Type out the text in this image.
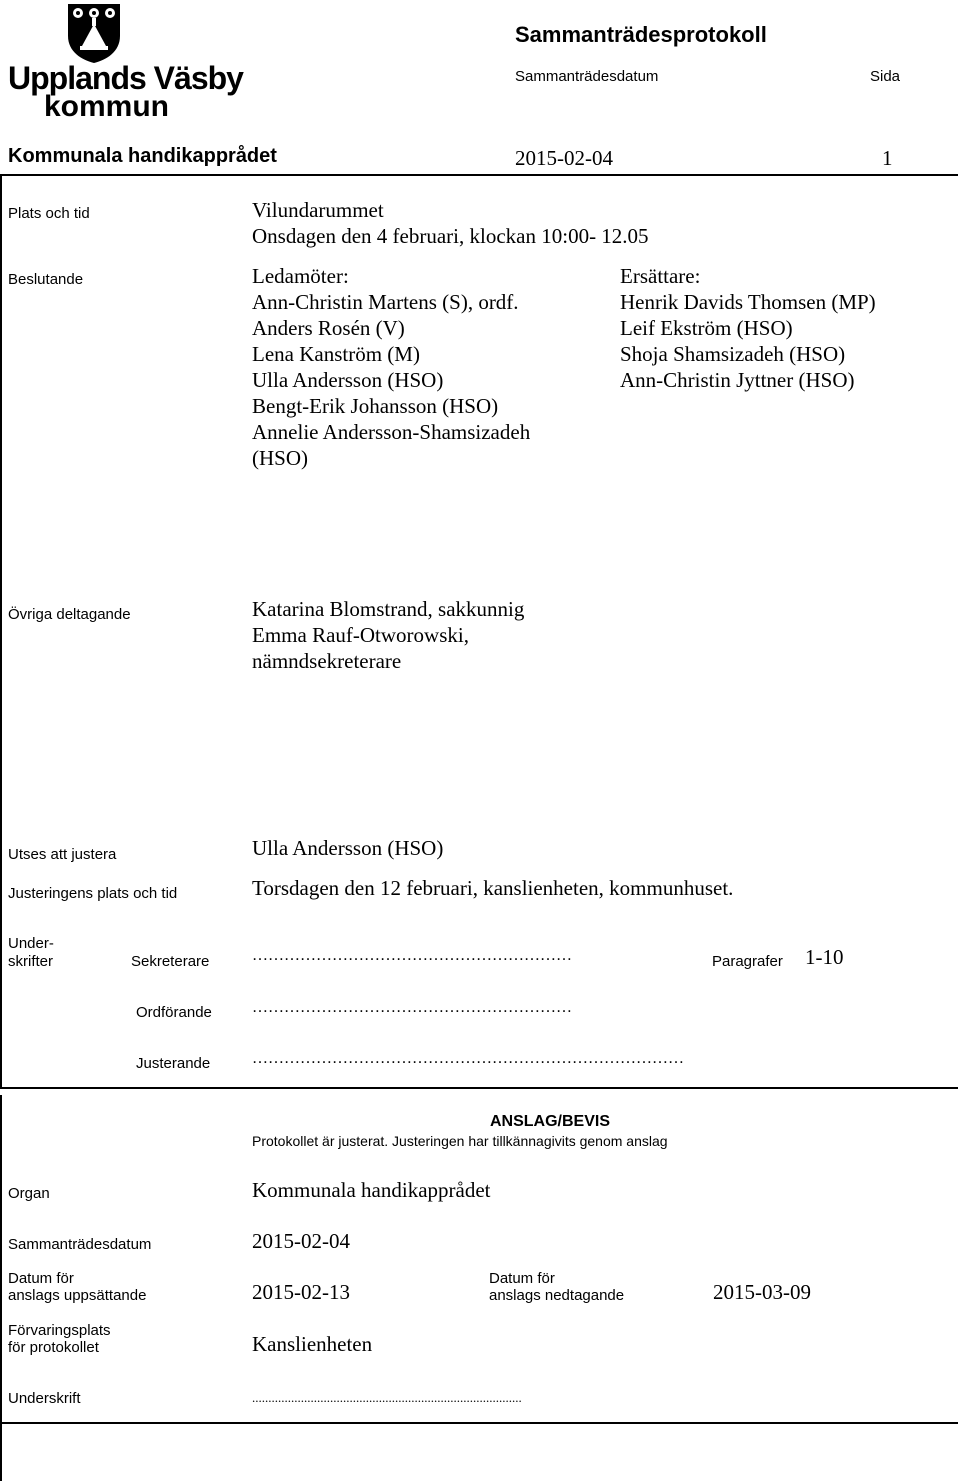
Upplands Väsby
kommun
Sammanträdesprotokoll
Sammanträdesdatum	Sida
Kommunala handikapprådet	2015-02-04	1
Plats och tid	Vilundarummet
Onsdagen den 4 februari, klockan 10:00- 12.05
Beslutande	Ledamöter:
Ann-Christin Martens (S), ordf.
Anders Rosén (V)
Lena Kanström (M)
Ulla Andersson (HSO)
Bengt-Erik Johansson (HSO)
Annelie Andersson-Shamsizadeh
(HSO)
Ersättare:
Henrik Davids Thomsen (MP)
Leif Ekström (HSO)
Shoja Shamsizadeh (HSO)
Ann-Christin Jyttner (HSO)
Övriga deltagande	Katarina Blomstrand, sakkunnig
Emma Rauf-Otworowski,
nämndsekreterare
Utses att justera	Ulla Andersson (HSO)
Justeringens plats och tid	Torsdagen den 12 februari, kanslienheten, kommunhuset.
Under-
skrifter	Sekreterare	……………………………………………………	Paragrafer 1-10
Ordförande	……………………………………………………
Justerande	………………………………………………………………………
ANSLAG/BEVIS
Protokollet är justerat. Justeringen har tillkännagivits genom anslag
Organ	Kommunala handikapprådet
Sammanträdesdatum	2015-02-04
Datum för
anslags uppsättande	2015-02-13
Datum för
anslags nedtagande	2015-03-09
Förvaringsplats
för protokollet	Kanslienheten
Underskrift	...................................................................................
